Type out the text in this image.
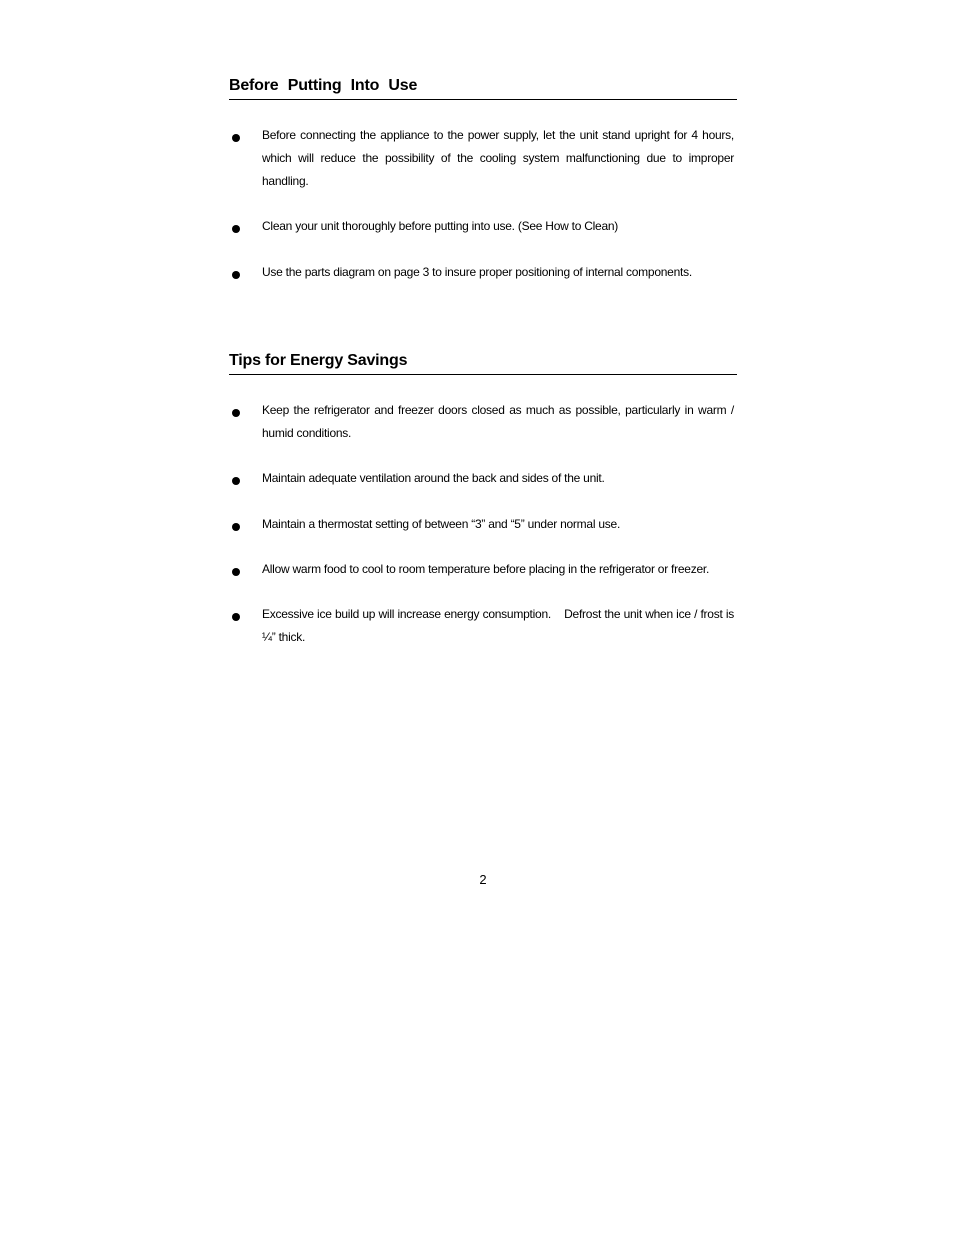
Before Putting Into Use
Before connecting the appliance to the power supply, let the unit stand upright for 4 hours, which will reduce the possibility of the cooling system malfunctioning due to improper handling.
Clean your unit thoroughly before putting into use. (See How to Clean)
Use the parts diagram on page 3 to insure proper positioning of internal components.
Tips for Energy Savings
Keep the refrigerator and freezer doors closed as much as possible, particularly in warm / humid conditions.
Maintain adequate ventilation around the back and sides of the unit.
Maintain a thermostat setting of between “3” and “5” under normal use.
Allow warm food to cool to room temperature before placing in the refrigerator or freezer.
Excessive ice build up will increase energy consumption.    Defrost the unit when ice / frost is ¼” thick.
2
